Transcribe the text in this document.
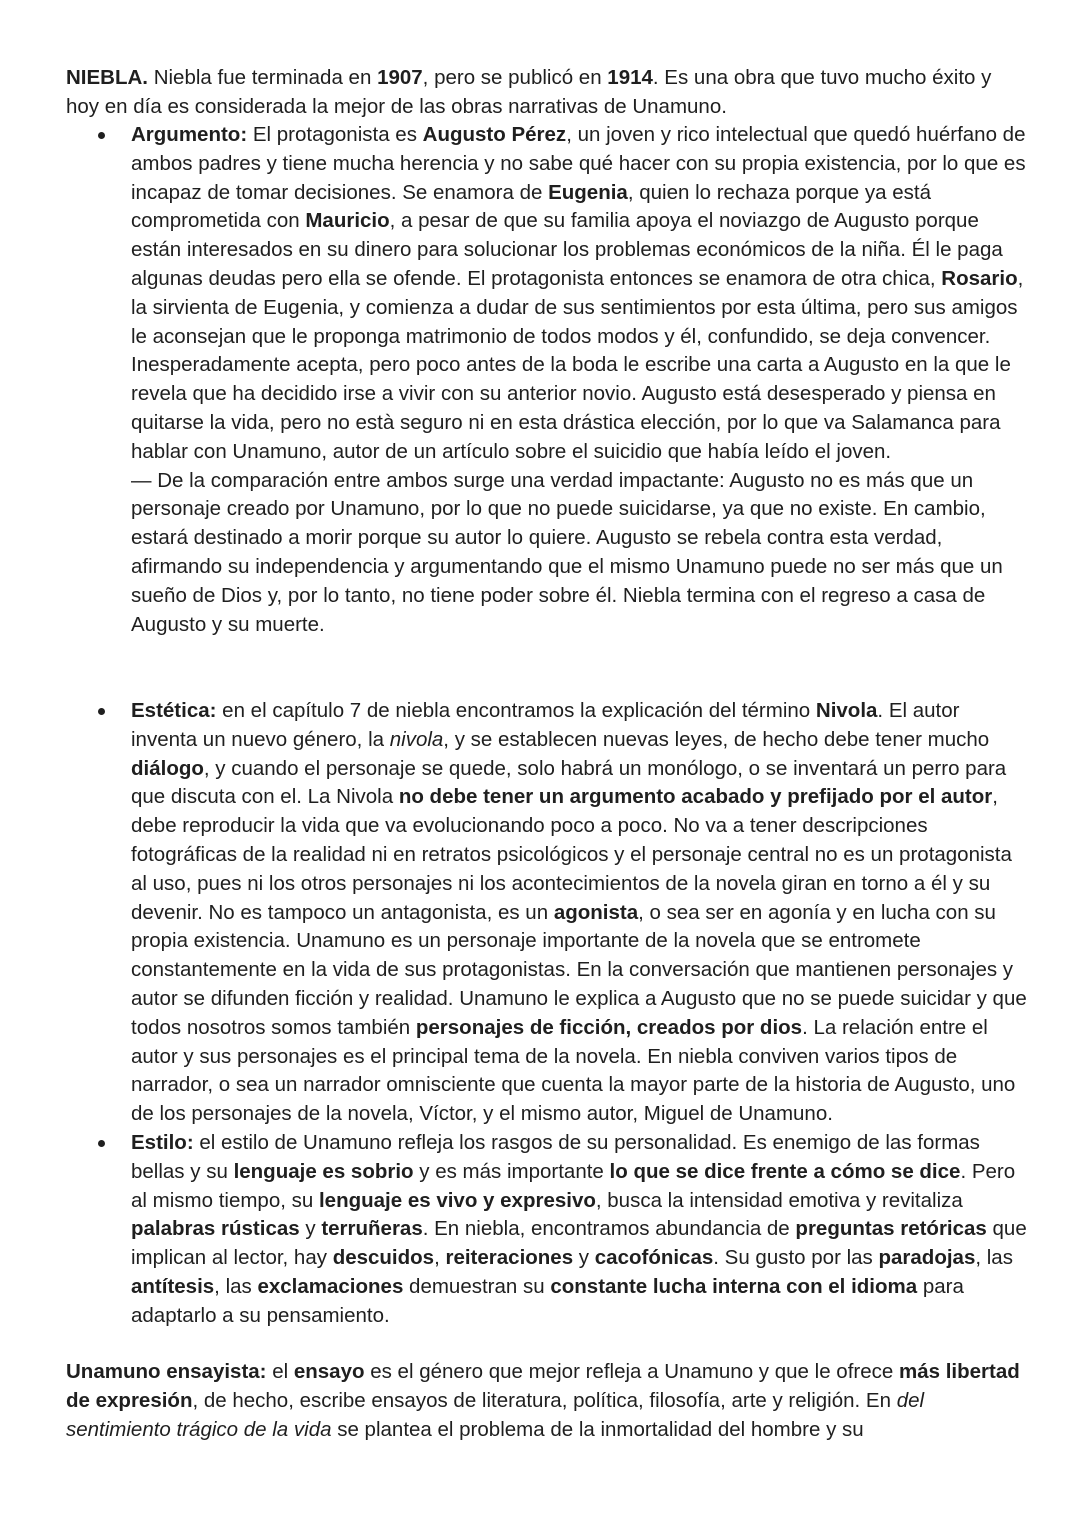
NIEBLA. Niebla fue terminada en 1907, pero se publicó en 1914. Es una obra que tuvo mucho éxito y hoy en día es considerada la mejor de las obras narrativas de Unamuno.

Argumento: El protagonista es Augusto Pérez, un joven y rico intelectual que quedó huérfano de ambos padres y tiene mucha herencia y no sabe qué hacer con su propia existencia, por lo que es incapaz de tomar decisiones. Se enamora de Eugenia, quien lo rechaza porque ya está comprometida con Mauricio, a pesar de que su familia apoya el noviazgo de Augusto porque están interesados en su dinero para solucionar los problemas económicos de la niña. Él le paga algunas deudas pero ella se ofende. El protagonista entonces se enamora de otra chica, Rosario, la sirvienta de Eugenia, y comienza a dudar de sus sentimientos por esta última, pero sus amigos le aconsejan que le proponga matrimonio de todos modos y él, confundido, se deja convencer. Inesperadamente acepta, pero poco antes de la boda le escribe una carta a Augusto en la que le revela que ha decidido irse a vivir con su anterior novio. Augusto está desesperado y piensa en quitarse la vida, pero no està seguro ni en esta drástica elección, por lo que va Salamanca para hablar con Unamuno, autor de un artículo sobre el suicidio que había leído el joven.

— De la comparación entre ambos surge una verdad impactante: Augusto no es más que un personaje creado por Unamuno, por lo que no puede suicidarse, ya que no existe. En cambio, estará destinado a morir porque su autor lo quiere. Augusto se rebela contra esta verdad, afirmando su independencia y argumentando que el mismo Unamuno puede no ser más que un sueño de Dios y, por lo tanto, no tiene poder sobre él. Niebla termina con el regreso a casa de Augusto y su muerte.

Estética: en el capítulo 7 de niebla encontramos la explicación del término Nivola. El autor inventa un nuevo género, la nivola, y se establecen nuevas leyes, de hecho debe tener mucho diálogo, y cuando el personaje se quede, solo habrá un monólogo, o se inventará un perro para que discuta con el. La Nivola no debe tener un argumento acabado y prefijado por el autor, debe reproducir la vida que va evolucionando poco a poco. No va a tener descripciones fotográficas de la realidad ni en retratos psicológicos y el personaje central no es un protagonista al uso, pues ni los otros personajes ni los acontecimientos de la novela giran en torno a él y su devenir. No es tampoco un antagonista, es un agonista, o sea ser en agonía y en lucha con su propia existencia. Unamuno es un personaje importante de la novela que se entromete constantemente en la vida de sus protagonistas. En la conversación que mantienen personajes y autor se difunden ficción y realidad. Unamuno le explica a Augusto que no se puede suicidar y que todos nosotros somos también personajes de ficción, creados por dios. La relación entre el autor y sus personajes es el principal tema de la novela. En niebla conviven varios tipos de narrador, o sea un narrador omnisciente que cuenta la mayor parte de la historia de Augusto, uno de los personajes de la novela, Víctor, y el mismo autor, Miguel de Unamuno.

Estilo: el estilo de Unamuno refleja los rasgos de su personalidad. Es enemigo de las formas bellas y su lenguaje es sobrio y es más importante lo que se dice frente a cómo se dice. Pero al mismo tiempo, su lenguaje es vivo y expresivo, busca la intensidad emotiva y revitaliza palabras rústicas y terruñeras. En niebla, encontramos abundancia de preguntas retóricas que implican al lector, hay descuidos, reiteraciones y cacofónicas. Su gusto por las paradojas, las antítesis, las exclamaciones demuestran su constante lucha interna con el idioma para adaptarlo a su pensamiento.

Unamuno ensayista: el ensayo es el género que mejor refleja a Unamuno y que le ofrece más libertad de expresión, de hecho, escribe ensayos de literatura, política, filosofía, arte y religión. En del sentimiento trágico de la vida se plantea el problema de la inmortalidad del hombre y su
